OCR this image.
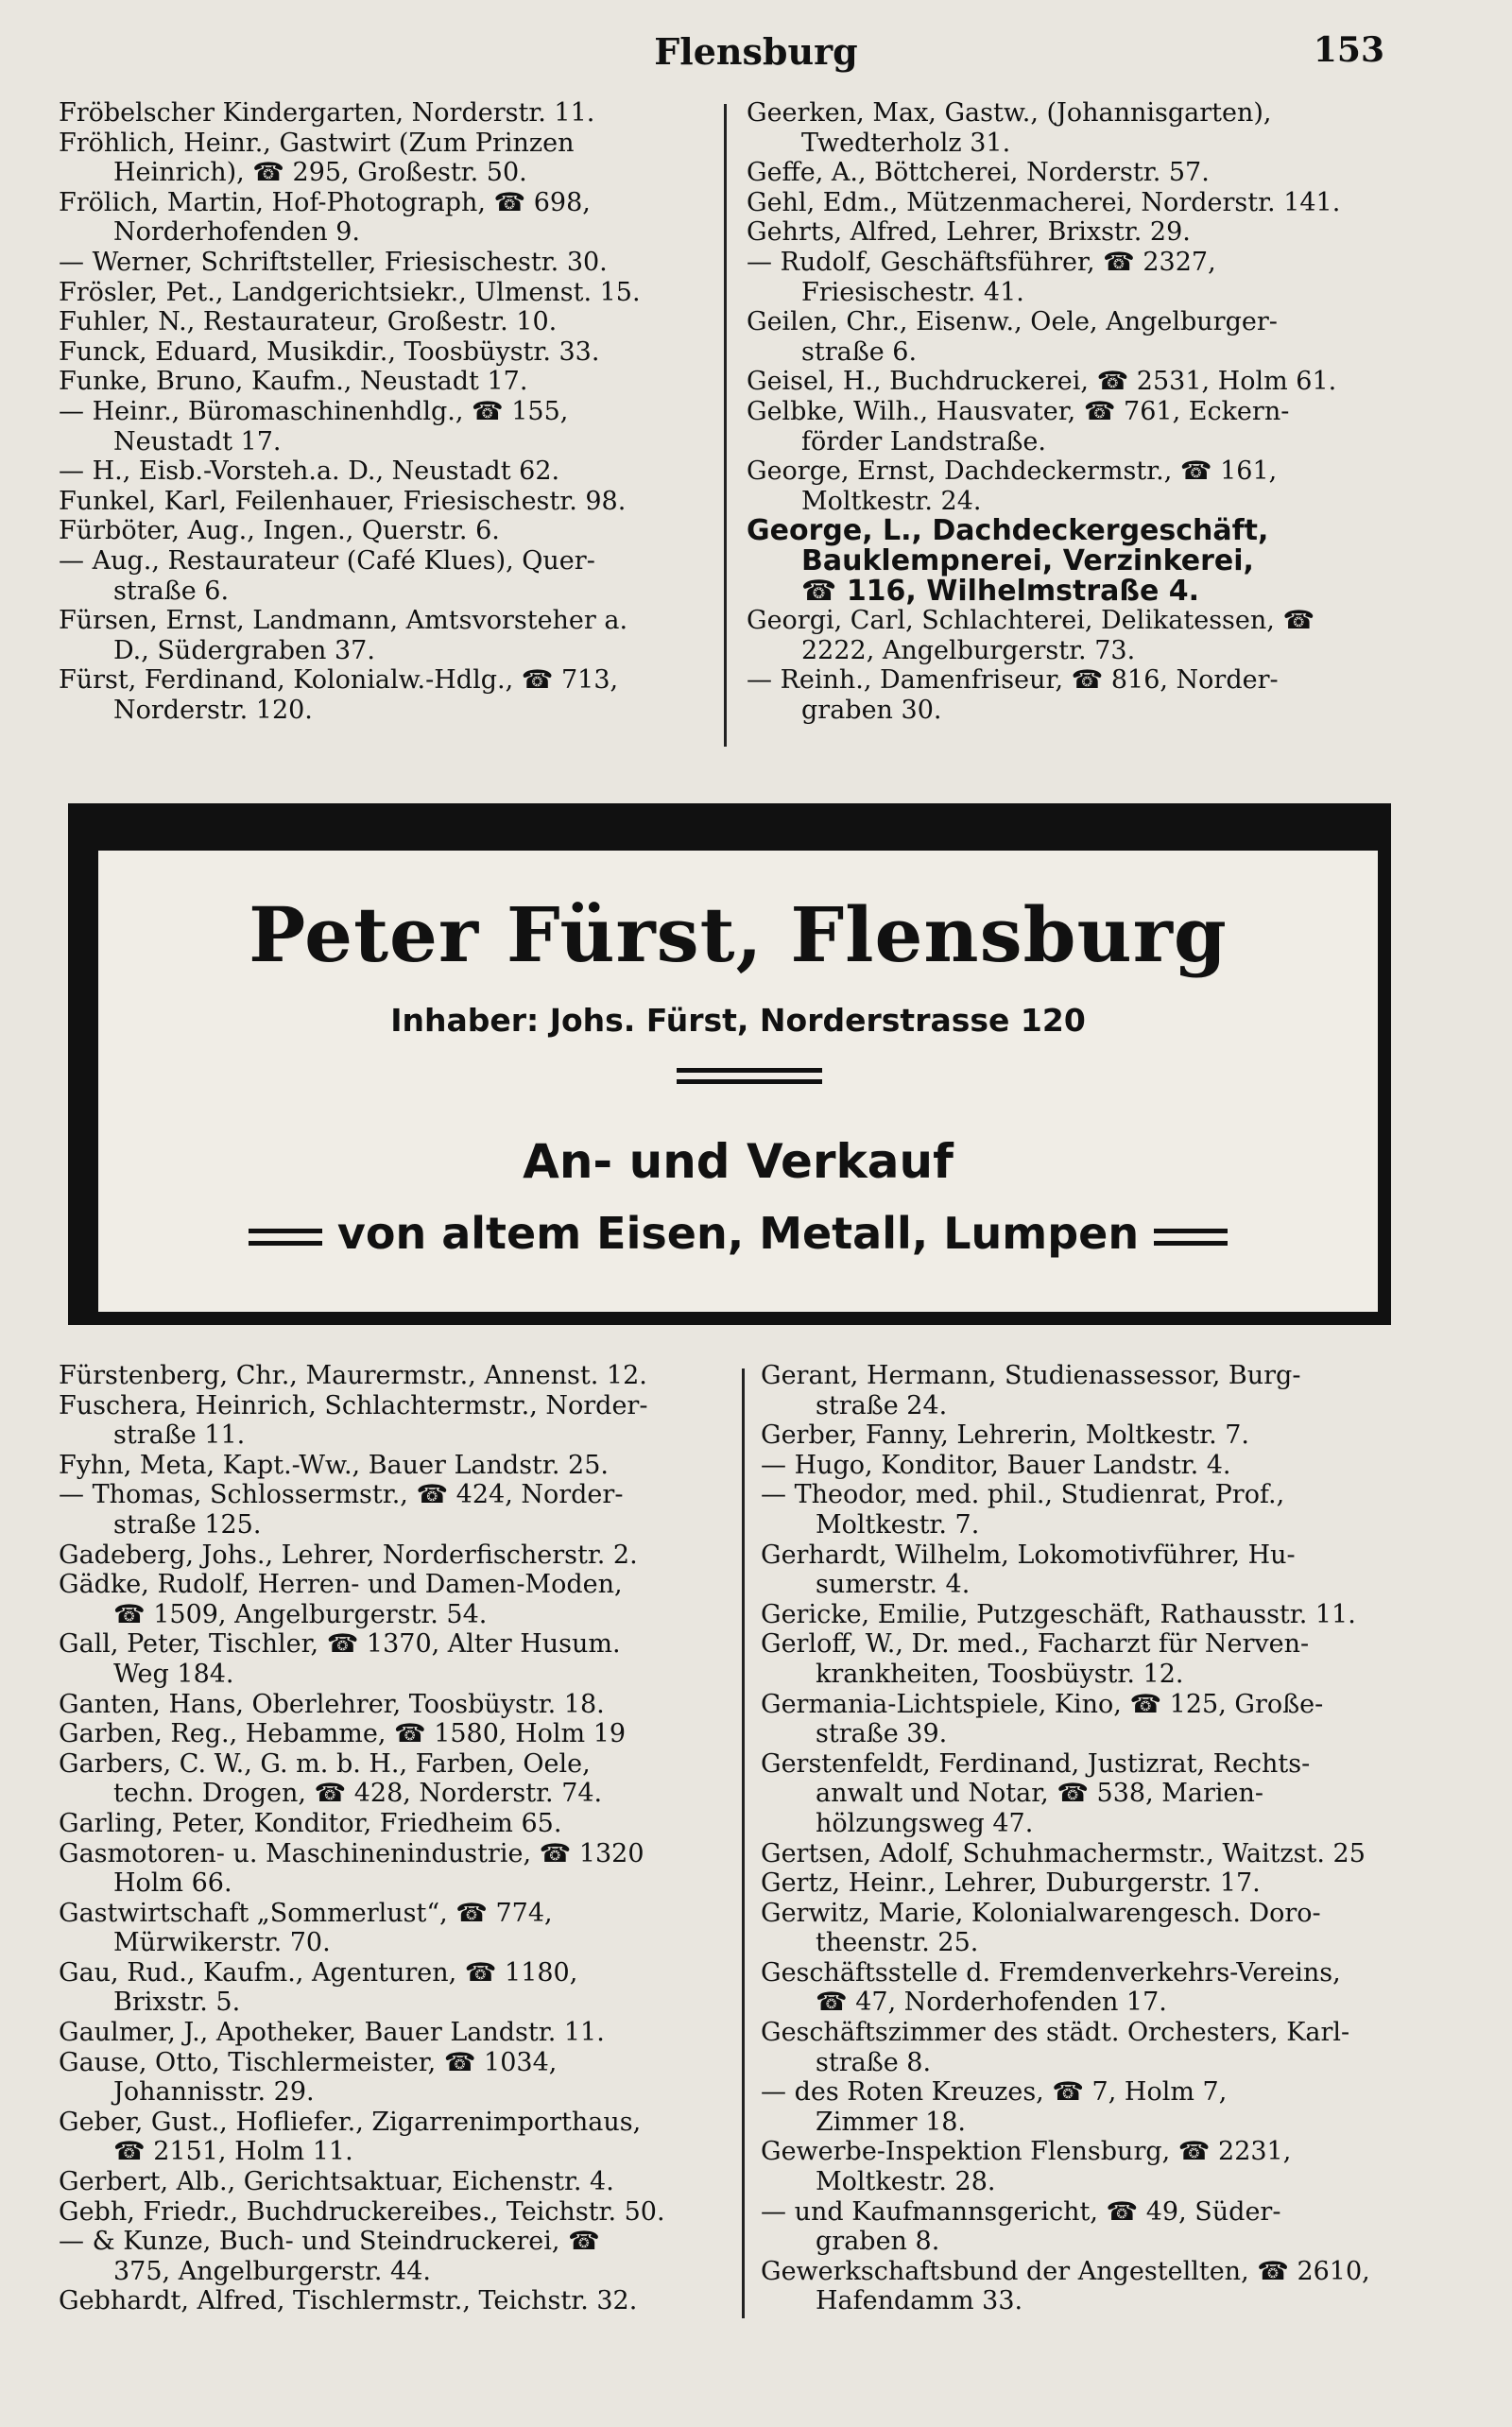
Flensburg	153
Fröbelscher Kindergarten, Norderstr. 11.
Fröhlich, Heinr., Gastwirt (Zum Prinzen
Heinrich), ☎ 295, Großestr. 50.
Frölich, Martin, Hof-Photograph, ☎ 698,
Norderhofenden 9.
— Werner, Schriftsteller, Friesischestr. 30.
Frösler, Pet., Landgerichtsiekr., Ulmenst. 15.
Fuhler, N., Restaurateur, Großestr. 10.
Funck, Eduard, Musikdir., Toosbüystr. 33.
Funke, Bruno, Kaufm., Neustadt 17.
— Heinr., Büromaschinenhdlg., ☎ 155,
Neustadt 17.
— H., Eisb.-Vorsteh.a. D., Neustadt 62.
Funkel, Karl, Feilenhauer, Friesischestr. 98.
Fürböter, Aug., Ingen., Querstr. 6.
— Aug., Restaurateur (Café Klues), Quer-
straße 6.
Fürsen, Ernst, Landmann, Amtsvorsteher a.
D., Südergraben 37.
Fürst, Ferdinand, Kolonialw.-Hdlg., ☎ 713,
Norderstr. 120.
Geerken, Max, Gastw., (Johannisgarten),
Twedterholz 31.
Geffe, A., Böttcherei, Norderstr. 57.
Gehl, Edm., Mützenmacherei, Norderstr. 141.
Gehrts, Alfred, Lehrer, Brixstr. 29.
— Rudolf, Geschäftsführer, ☎ 2327,
Friesischestr. 41.
Geilen, Chr., Eisenw., Oele, Angelburger-
straße 6.
Geisel, H., Buchdruckerei, ☎ 2531, Holm 61.
Gelbke, Wilh., Hausvater, ☎ 761, Eckern-
förder Landstraße.
George, Ernst, Dachdeckermstr., ☎ 161,
Moltkestr. 24.
George, L., Dachdeckergeschäft,
Bauklempnerei, Verzinkerei,
☎ 116, Wilhelmstraße 4.
Georgi, Carl, Schlachterei, Delikatessen, ☎
2222, Angelburgerstr. 73.
— Reinh., Damenfriseur, ☎ 816, Norder-
graben 30.
Peter Fürst, Flensburg
Inhaber: Johs. Fürst, Norderstrasse 120
An- und Verkauf
von altem Eisen, Metall, Lumpen
Fürstenberg, Chr., Maurermstr., Annenst. 12.
Fuschera, Heinrich, Schlachtermstr., Norder-
straße 11.
Fyhn, Meta, Kapt.-Ww., Bauer Landstr. 25.
— Thomas, Schlossermstr., ☎ 424, Norder-
straße 125.
Gadeberg, Johs., Lehrer, Norderfischerstr. 2.
Gädke, Rudolf, Herren- und Damen-Moden,
☎ 1509, Angelburgerstr. 54.
Gall, Peter, Tischler, ☎ 1370, Alter Husum.
Weg 184.
Ganten, Hans, Oberlehrer, Toosbüystr. 18.
Garben, Reg., Hebamme, ☎ 1580, Holm 19
Garbers, C. W., G. m. b. H., Farben, Oele,
techn. Drogen, ☎ 428, Norderstr. 74.
Garling, Peter, Konditor, Friedheim 65.
Gasmotoren- u. Maschinenindustrie, ☎ 1320
Holm 66.
Gastwirtschaft „Sommerlust“, ☎ 774,
Mürwikerstr. 70.
Gau, Rud., Kaufm., Agenturen, ☎ 1180,
Brixstr. 5.
Gaulmer, J., Apotheker, Bauer Landstr. 11.
Gause, Otto, Tischlermeister, ☎ 1034,
Johannisstr. 29.
Geber, Gust., Hofliefer., Zigarrenimporthaus,
☎ 2151, Holm 11.
Gerbert, Alb., Gerichtsaktuar, Eichenstr. 4.
Gebh, Friedr., Buchdruckereibes., Teichstr. 50.
— & Kunze, Buch- und Steindruckerei, ☎
375, Angelburgerstr. 44.
Gebhardt, Alfred, Tischlermstr., Teichstr. 32.
Gerant, Hermann, Studienassessor, Burg-
straße 24.
Gerber, Fanny, Lehrerin, Moltkestr. 7.
— Hugo, Konditor, Bauer Landstr. 4.
— Theodor, med. phil., Studienrat, Prof.,
Moltkestr. 7.
Gerhardt, Wilhelm, Lokomotivführer, Hu-
sumerstr. 4.
Gericke, Emilie, Putzgeschäft, Rathausstr. 11.
Gerloff, W., Dr. med., Facharzt für Nerven-
krankheiten, Toosbüystr. 12.
Germania-Lichtspiele, Kino, ☎ 125, Große-
straße 39.
Gerstenfeldt, Ferdinand, Justizrat, Rechts-
anwalt und Notar, ☎ 538, Marien-
hölzungsweg 47.
Gertsen, Adolf, Schuhmachermstr., Waitzst. 25
Gertz, Heinr., Lehrer, Duburgerstr. 17.
Gerwitz, Marie, Kolonialwarengesch. Doro-
theenstr. 25.
Geschäftsstelle d. Fremdenverkehrs-Vereins,
☎ 47, Norderhofenden 17.
Geschäftszimmer des städt. Orchesters, Karl-
straße 8.
— des Roten Kreuzes, ☎ 7, Holm 7,
Zimmer 18.
Gewerbe-Inspektion Flensburg, ☎ 2231,
Moltkestr. 28.
— und Kaufmannsgericht, ☎ 49, Süder-
graben 8.
Gewerkschaftsbund der Angestellten, ☎ 2610,
Hafendamm 33.
